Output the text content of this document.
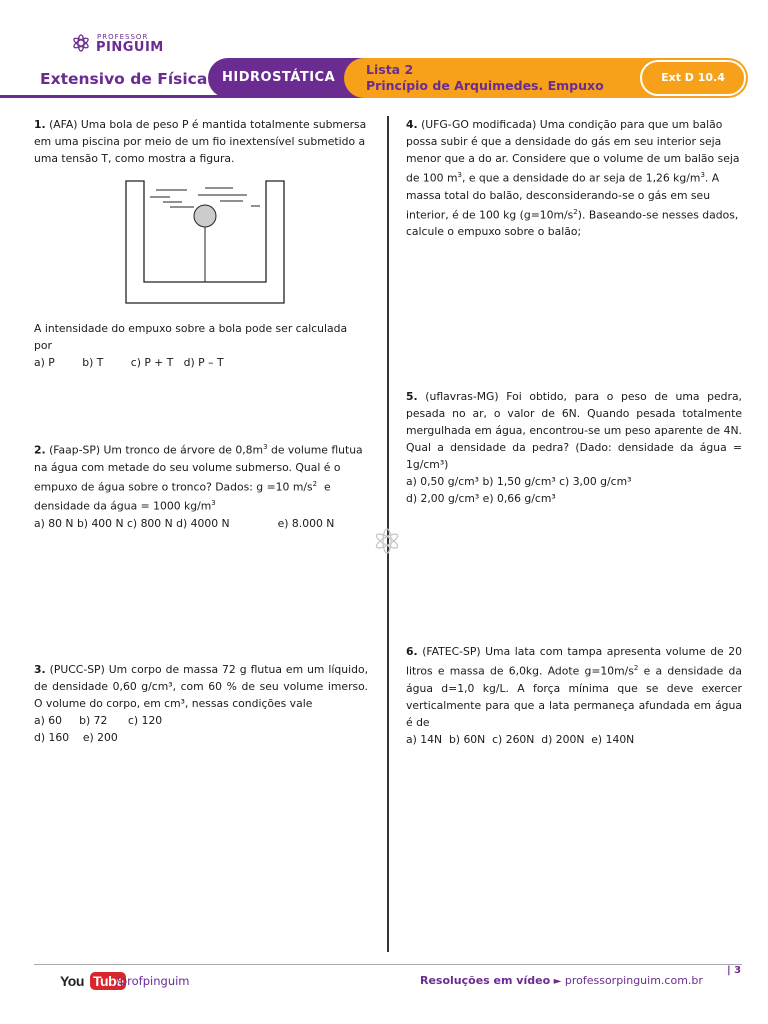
PROFESSOR
PINGUIM
Extensivo de Física HIDROSTÁTICA
Lista 2
Princípio de Arquimedes. Empuxo
Ext D 10.4

1. (AFA) Uma bola de peso P é mantida totalmente submersa em uma piscina por meio de um fio inextensível submetido a uma tensão T, como mostra a figura.

A intensidade do empuxo sobre a bola pode ser calculada por

a) P        b) T        c) P + T   d) P – T

2. (Faap-SP) Um tronco de árvore de $0,8m^3$ de volume flutua na água com metade do seu volume submerso. Qual é o empuxo de água sobre o tronco? Dados: g =10 $m/s^2$  e densidade da água = 1000 $kg/m^3$

a) 80 N b) 400 N c) 800 N d) 4000 N              e) 8.000 N

3. (PUCC-SP) Um corpo de massa 72 g flutua em um líquido, de densidade 0,60 g/cm³, com 60 % de seu volume imerso. O volume do corpo, em cm³, nessas condições vale

a) 60     b) 72      c) 120

d) 160    e) 200

4. (UFG-GO modificada) Uma condição para que um balão possa subir é que a densidade do gás em seu interior seja menor que a do ar. Considere que o volume de um balão seja de 100 $m^3$, e que a densidade do ar seja de 1,26 $kg/m^3$. A massa total do balão, desconsiderando-se o gás em seu interior, é de 100 kg $(g=10m/s^2)$. Baseando-se nesses dados, calcule o empuxo sobre o balão;

5. (uflavras-MG) Foi obtido, para o peso de uma pedra, pesada no ar, o valor de 6N. Quando pesada totalmente mergulhada em água, encontrou-se um peso aparente de 4N. Qual a densidade da pedra? (Dado: densidade da água = 1g/cm³)

a) 0,50 g/cm³ b) 1,50 g/cm³ c) 3,00 g/cm³

d) 2,00 g/cm³ e) 0,66 g/cm³

6. (FATEC-SP) Uma lata com tampa apresenta volume de 20 litros e massa de 6,0kg. Adote $g=10m/s^2$ e a densidade da água d=1,0 kg/L. A força mínima que se deve exercer verticalmente para que a lata permaneça afundada em água é de

a) 14N  b) 60N  c) 260N  d) 200N  e) 140N

You Tube
/profpinguim	Resoluções em vídeo ► professorpinguim.com.br
| 3
